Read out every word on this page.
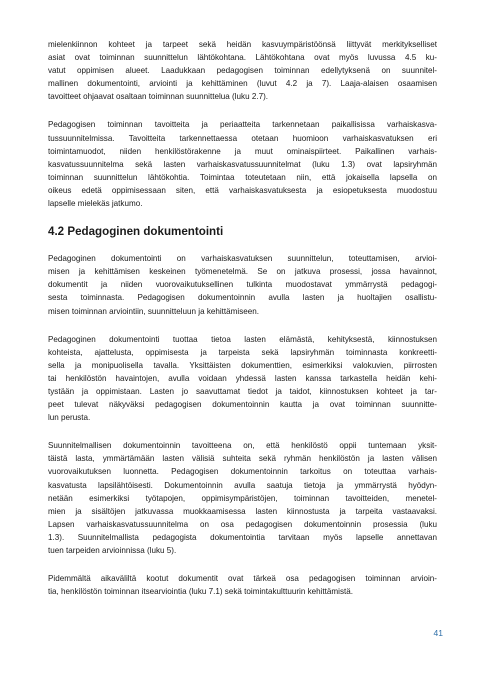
mielenkiinnon kohteet ja tarpeet sekä heidän kasvuympäristöönsä liittyvät merkitykselliset
asiat ovat toiminnan suunnittelun lähtökohtana. Lähtökohtana ovat myös luvussa 4.5 ku-
vatut oppimisen alueet. Laadukkaan pedagogisen toiminnan edellytyksenä on suunnitel-
mallinen dokumentointi, arviointi ja kehittäminen (luvut 4.2 ja 7). Laaja-alaisen osaamisen
tavoitteet ohjaavat osaltaan toiminnan suunnittelua (luku 2.7).

Pedagogisen toiminnan tavoitteita ja periaatteita tarkennetaan paikallisissa varhaiskasva-
tussuunnitelmissa. Tavoitteita tarkennettaessa otetaan huomioon varhaiskasvatuksen eri
toimintamuodot, niiden henkilöstörakenne ja muut ominaispiirteet. Paikallinen varhais-
kasvatussuunnitelma sekä lasten varhaiskasvatussuunnitelmat (luku 1.3) ovat lapsiryhmän
toiminnan suunnittelun lähtökohtia. Toimintaa toteutetaan niin, että jokaisella lapsella on
oikeus edetä oppimisessaan siten, että varhaiskasvatuksesta ja esiopetuksesta muodostuu
lapselle mielekäs jatkumo.

4.2 Pedagoginen dokumentointi

Pedagoginen dokumentointi on varhaiskasvatuksen suunnittelun, toteuttamisen, arvioi-
misen ja kehittämisen keskeinen työmenetelmä. Se on jatkuva prosessi, jossa havainnot,
dokumentit ja niiden vuorovaikutuksellinen tulkinta muodostavat ymmärrystä pedagogi-
sesta toiminnasta. Pedagogisen dokumentoinnin avulla lasten ja huoltajien osallistu-
misen toiminnan arviointiin, suunnitteluun ja kehittämiseen.

Pedagoginen dokumentointi tuottaa tietoa lasten elämästä, kehityksestä, kiinnostuksen
kohteista, ajattelusta, oppimisesta ja tarpeista sekä lapsiryhmän toiminnasta konkreetti-
sella ja monipuolisella tavalla. Yksittäisten dokumenttien, esimerkiksi valokuvien, piirrosten
tai henkilöstön havaintojen, avulla voidaan yhdessä lasten kanssa tarkastella heidän kehi-
tystään ja oppimistaan. Lasten jo saavuttamat tiedot ja taidot, kiinnostuksen kohteet ja tar-
peet tulevat näkyväksi pedagogisen dokumentoinnin kautta ja ovat toiminnan suunnitte-
lun perusta.

Suunnitelmallisen dokumentoinnin tavoitteena on, että henkilöstö oppii tuntemaan yksit-
täistä lasta, ymmärtämään lasten välisiä suhteita sekä ryhmän henkilöstön ja lasten välisen
vuorovaikutuksen luonnetta. Pedagogisen dokumentoinnin tarkoitus on toteuttaa varhais-
kasvatusta lapsilähtöisesti. Dokumentoinnin avulla saatuja tietoja ja ymmärrystä hyödyn-
netään esimerkiksi työtapojen, oppimisympäristöjen, toiminnan tavoitteiden, menetel-
mien ja sisältöjen jatkuvassa muokkaamisessa lasten kiinnostusta ja tarpeita vastaavaksi.
Lapsen varhaiskasvatussuunnitelma on osa pedagogisen dokumentoinnin prosessia (luku
1.3). Suunnitelmallista pedagogista dokumentointia tarvitaan myös lapselle annettavan
tuen tarpeiden arvioinnissa (luku 5).

Pidemmältä aikaväliltä kootut dokumentit ovat tärkeä osa pedagogisen toiminnan arvioin-
tia, henkilöstön toiminnan itsearviointia (luku 7.1) sekä toimintakulttuurin kehittämistä.

41
